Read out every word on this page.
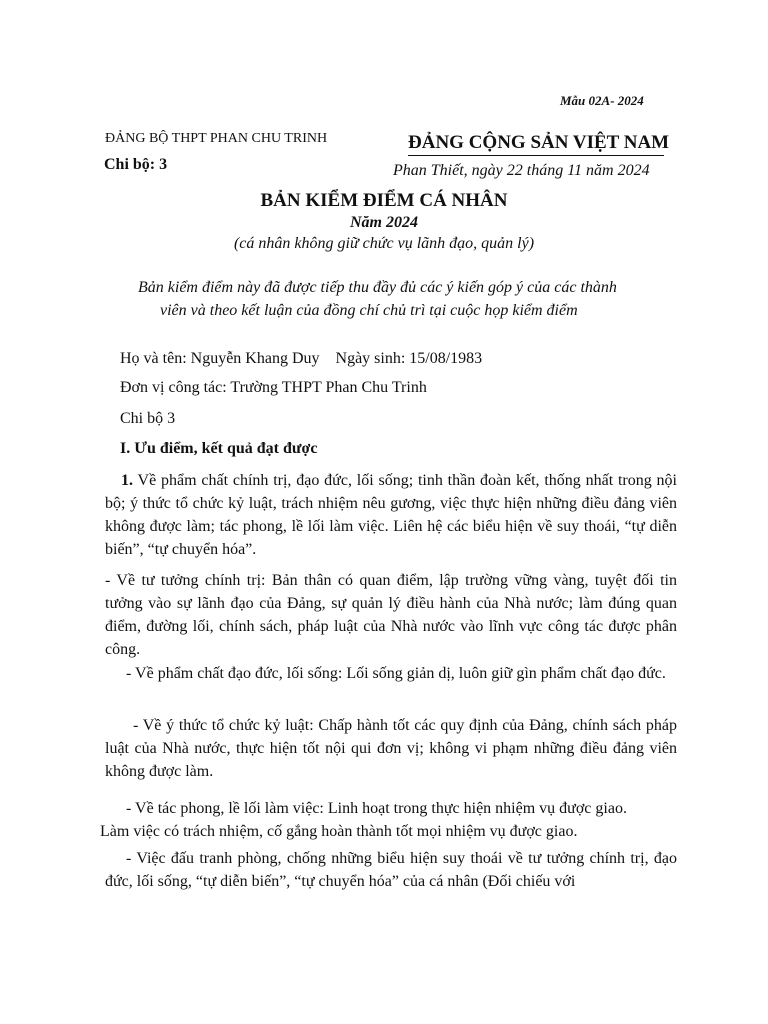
Mẫu 02A- 2024
ĐẢNG BỘ THPT PHAN CHU TRINH
Chi bộ: 3
ĐẢNG CỘNG SẢN VIỆT NAM
Phan Thiết, ngày 22 tháng 11 năm 2024
BẢN KIỂM ĐIỂM CÁ NHÂN
Năm 2024
(cá nhân không giữ chức vụ lãnh đạo, quản lý)
Bản kiểm điểm này đã được tiếp thu đầy đủ các ý kiến góp ý của các thành
viên và theo kết luận của đồng chí chủ trì tại cuộc họp kiểm điểm
Họ và tên: Nguyễn Khang Duy Ngày sinh: 15/08/1983
Đơn vị công tác: Trường THPT Phan Chu Trinh
Chi bộ 3
I. Ưu điểm, kết quả đạt được
1. Về phẩm chất chính trị, đạo đức, lối sống; tinh thần đoàn kết, thống nhất trong nội bộ; ý thức tổ chức kỷ luật, trách nhiệm nêu gương, việc thực hiện những điều đảng viên không được làm; tác phong, lề lối làm việc. Liên hệ các biểu hiện về suy thoái, “tự diễn biến”, “tự chuyển hóa”.
- Về tư tưởng chính trị: Bản thân có quan điểm, lập trường vững vàng, tuyệt đối tin tưởng vào sự lãnh đạo của Đảng, sự quản lý điều hành của Nhà nước; làm đúng quan điểm, đường lối, chính sách, pháp luật của Nhà nước vào lĩnh vực công tác được phân công.
- Về phẩm chất đạo đức, lối sống: Lối sống giản dị, luôn giữ gìn phẩm chất đạo đức.
- Về ý thức tổ chức kỷ luật: Chấp hành tốt các quy định của Đảng, chính sách pháp luật của Nhà nước, thực hiện tốt nội qui đơn vị; không vi phạm những điều đảng viên không được làm.
- Về tác phong, lề lối làm việc: Linh hoạt trong thực hiện nhiệm vụ được giao.
Làm việc có trách nhiệm, cố gắng hoàn thành tốt mọi nhiệm vụ được giao.
- Việc đấu tranh phòng, chống những biểu hiện suy thoái về tư tưởng chính trị, đạo đức, lối sống, “tự diễn biến”, “tự chuyển hóa” của cá nhân (Đối chiếu với
